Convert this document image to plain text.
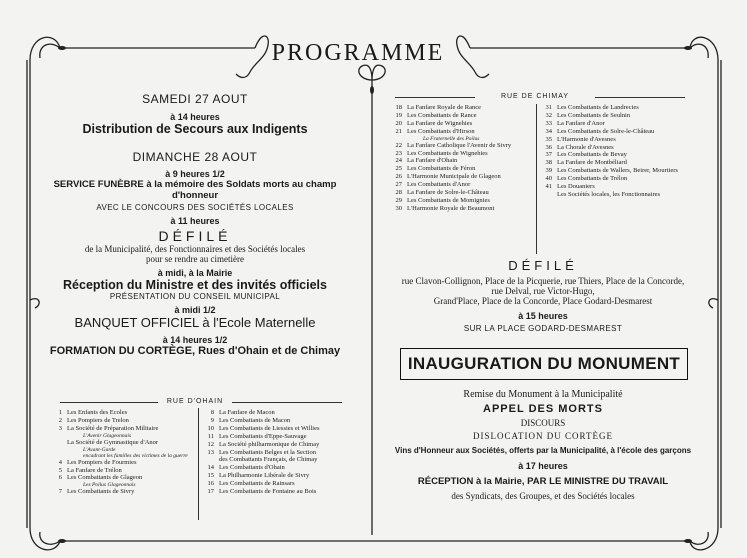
PROGRAMME
SAMEDI 27 AOUT
à 14 heures
Distribution de Secours aux Indigents
DIMANCHE 28 AOUT
à 9 heures 1/2
SERVICE FUNÈBRE à la mémoire des Soldats morts au champ d'honneur
AVEC LE CONCOURS DES SOCIÉTÉS LOCALES
à 11 heures
DÉFILÉ
de la Municipalité, des Fonctionnaires et des Sociétés locales
pour se rendre au cimetière
à midi, à la Mairie
Réception du Ministre et des invités officiels
PRÉSENTATION DU CONSEIL MUNICIPAL
à midi 1/2
BANQUET OFFICIEL à l'Ecole Maternelle
à 14 heures 1/2
FORMATION DU CORTÈGE, Rues d'Ohain et de Chimay
RUE D'OHAIN
1 Les Enfants des Ecoles
2 Les Pompiers de Trelon
3 La Société de Préparation Militaire
L'Avenir Glageonnais
La Société de Gymnastique d'Anor
L'Avant-Garde
encadrant les familles des victimes de la guerre
4 Les Pompiers de Fourmies
5 La Fanfare de Trélon
6 Les Combattants de Glageon
Les Poilus Glageonnais
7 Les Combattants de Sivry
8 La Fanfare de Macon
9 Les Combattants de Macon
10 Les Combattants de Liessies et Willies
11 Les Combattants d'Eppe-Sauvage
12 La Société philharmonique de Chimay
13 Les Combattants Belges et la Section
des Combattants Français, de Chimay
14 Les Combattants d'Ohain
15 La Philharmonie Libérale de Sivry
16 Les Combattants de Rainsars
17 Les Combattants de Fontaine au Bois
RUE DE CHIMAY
18 La Fanfare Royale de Rance
19 Les Combattants de Rance
20 La Fanfare de Wignehies
21 Les Combattants d'Hirson
La Fraternelle des Poilus
22 La Fanfare Catholique l'Avenir de Sivry
23 Les Combattants de Wignehies
24 La Fanfare d'Ohain
25 Les Combattants de Féron
26 L'Harmonie Municipale de Glageon
27 Les Combattants d'Anor
28 La Fanfare de Solre-le-Château
29 Les Combattants de Momignies
30 L'Harmonie Royale de Beaumont
31 Les Combattants de Landrecies
32 Les Combattants de Seulnin
33 La Fanfare d'Anor
34 Les Combattants de Solre-le-Château
35 L'Harmonie d'Avesnes
36 La Chorale d'Avesnes
37 Les Combattants de Bevay
38 La Fanfare de Montbéliard
39 Les Combattants de Wallers, Beirer, Mourtiers
40 Les Combattants de Trélon
41 Les Douaniers
Les Sociétés locales, les Fonctionnaires
DÉFILÉ
rue Clavon-Collignon, Place de la Picquerie, rue Thiers, Place de la Concorde,
rue Delval, rue Victor-Hugo,
Grand'Place, Place de la Concorde, Place Godard-Desmarest
à 15 heures
SUR LA PLACE GODARD-DESMAREST
INAUGURATION DU MONUMENT
Remise du Monument à la Municipalité
APPEL DES MORTS
DISCOURS
DISLOCATION DU CORTÈGE
Vins d'Honneur aux Sociétés, offerts par la Municipalité, à l'école des garçons
à 17 heures
RÉCEPTION à la Mairie, PAR LE MINISTRE DU TRAVAIL
des Syndicats, des Groupes, et des Sociétés locales
